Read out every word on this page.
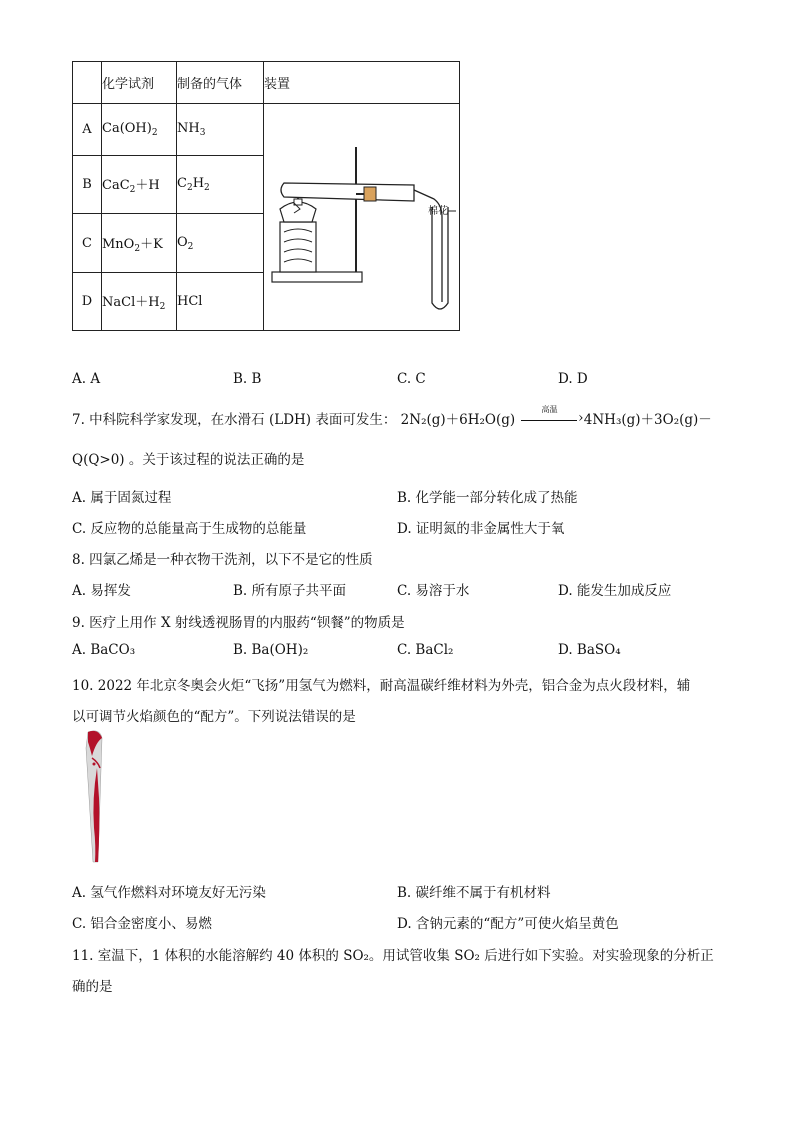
	化学试剂	制备的气体	装置
A	$Ca(OH)_2$	$NH_3$	棉花

B	CaC$_2$＋H	$C_2H_2$
C	MnO$_2$＋K	$O_2$
D	$NaCl+H_2$	HCl	
A. A	B. B	C. C	D. D
7. 中科院科学家发现，在水滑石 (LDH) 表面可发生： 2N₂(g)＋6H₂O(g)
高温
› 4NH₃(g)＋3O₂(g)－
Q(Q>0) 。关于该过程的说法正确的是
A. 属于固氮过程	B. 化学能一部分转化成了热能
C. 反应物的总能量高于生成物的总能量	D. 证明氮的非金属性大于氧
8. 四氯乙烯是一种衣物干洗剂，以下不是它的性质
A. 易挥发	B. 所有原子共平面	C. 易溶于水	D. 能发生加成反应
9. 医疗上用作 X 射线透视肠胃的内服药“钡餐”的物质是
A. BaCO₃	B. Ba(OH)₂	C. BaCl₂	D. BaSO₄
10. 2022 年北京冬奥会火炬“飞扬”用氢气为燃料，耐高温碳纤维材料为外壳，铝合金为点火段材料，辅
以可调节火焰颜色的“配方”。下列说法错误的是
A. 氢气作燃料对环境友好无污染	B. 碳纤维不属于有机材料
C. 铝合金密度小、易燃	D. 含钠元素的“配方”可使火焰呈黄色
11. 室温下，1 体积的水能溶解约 40 体积的 SO₂。用试管收集 SO₂ 后进行如下实验。对实验现象的分析正
确的是
